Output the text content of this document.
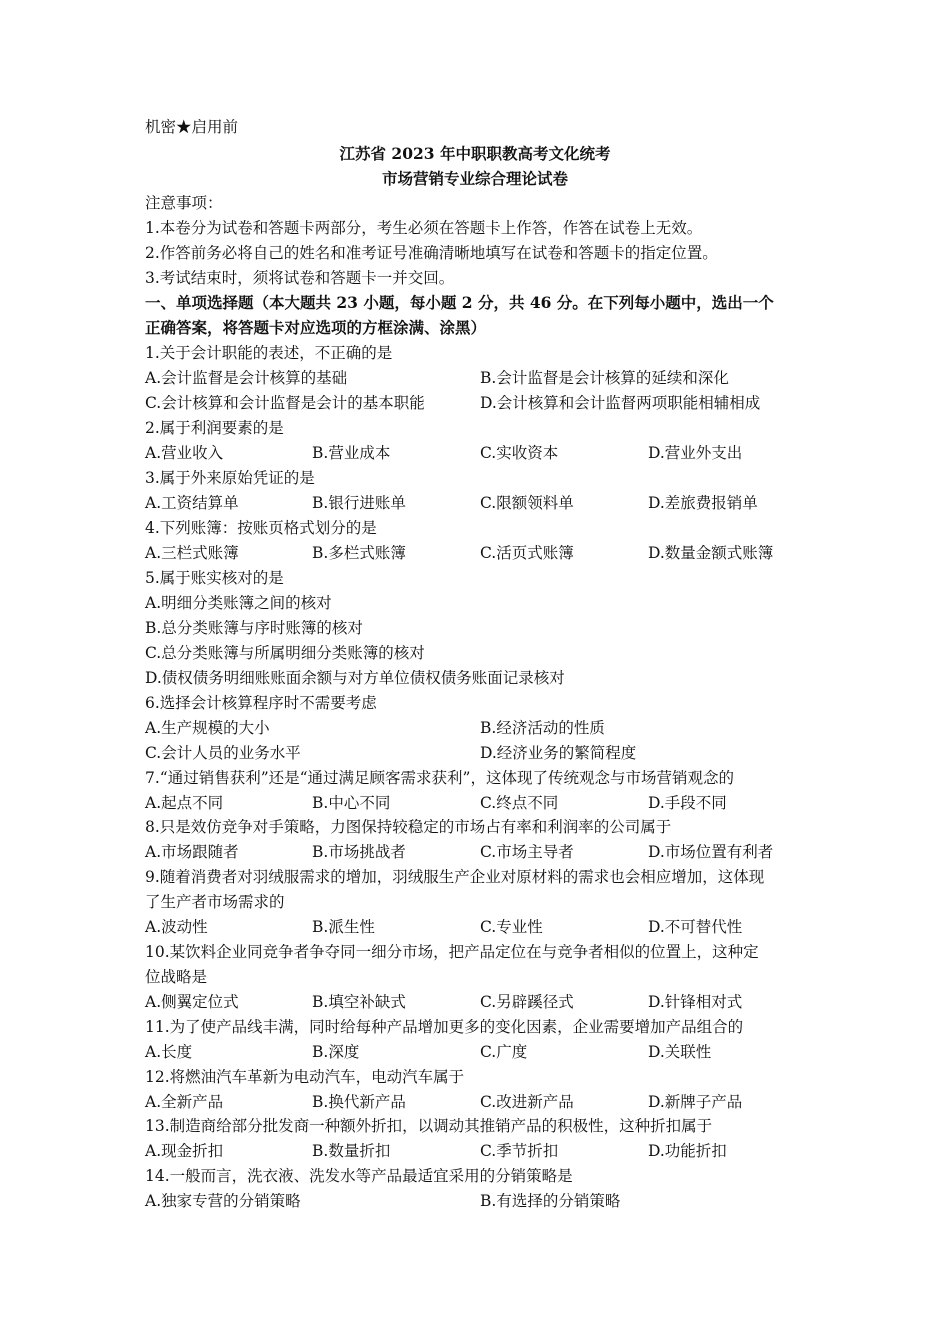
机密★启用前
江苏省 2023 年中职职教高考文化统考
市场营销专业综合理论试卷
注意事项：
1.本卷分为试卷和答题卡两部分，考生必须在答题卡上作答，作答在试卷上无效。
2.作答前务必将自己的姓名和准考证号准确清晰地填写在试卷和答题卡的指定位置。
3.考试结束时，须将试卷和答题卡一并交回。
一、单项选择题（本大题共 23 小题，每小题 2 分，共 46 分。在下列每小题中，选出一个
正确答案，将答题卡对应选项的方框涂满、涂黑）
1.关于会计职能的表述，不正确的是
A.会计监督是会计核算的基础	B.会计监督是会计核算的延续和深化
C.会计核算和会计监督是会计的基本职能	D.会计核算和会计监督两项职能相辅相成
2.属于利润要素的是
A.营业收入	B.营业成本	C.实收资本	D.营业外支出
3.属于外来原始凭证的是
A.工资结算单	B.银行进账单	C.限额领料单	D.差旅费报销单
4.下列账簿：按账页格式划分的是
A.三栏式账簿	B.多栏式账簿	C.活页式账簿	D.数量金额式账簿
5.属于账实核对的是
A.明细分类账簿之间的核对
B.总分类账簿与序时账簿的核对
C.总分类账簿与所属明细分类账簿的核对
D.债权债务明细账账面余额与对方单位债权债务账面记录核对
6.选择会计核算程序时不需要考虑
A.生产规模的大小	B.经济活动的性质
C.会计人员的业务水平	D.经济业务的繁简程度
7.“通过销售获利”还是“通过满足顾客需求获利”，这体现了传统观念与市场营销观念的
A.起点不同	B.中心不同	C.终点不同	D.手段不同
8.只是效仿竞争对手策略，力图保持较稳定的市场占有率和利润率的公司属于
A.市场跟随者	B.市场挑战者	C.市场主导者	D.市场位置有利者
9.随着消费者对羽绒服需求的增加，羽绒服生产企业对原材料的需求也会相应增加，这体现
了生产者市场需求的
A.波动性	B.派生性	C.专业性	D.不可替代性
10.某饮料企业同竞争者争夺同一细分市场，把产品定位在与竞争者相似的位置上，这种定
位战略是
A.侧翼定位式	B.填空补缺式	C.另辟蹊径式	D.针锋相对式
11.为了使产品线丰满，同时给每种产品增加更多的变化因素，企业需要增加产品组合的
A.长度	B.深度	C.广度	D.关联性
12.将燃油汽车革新为电动汽车，电动汽车属于
A.全新产品	B.换代新产品	C.改进新产品	D.新牌子产品
13.制造商给部分批发商一种额外折扣，以调动其推销产品的积极性，这种折扣属于
A.现金折扣	B.数量折扣	C.季节折扣	D.功能折扣
14.一般而言，洗衣液、洗发水等产品最适宜采用的分销策略是
A.独家专营的分销策略	B.有选择的分销策略
